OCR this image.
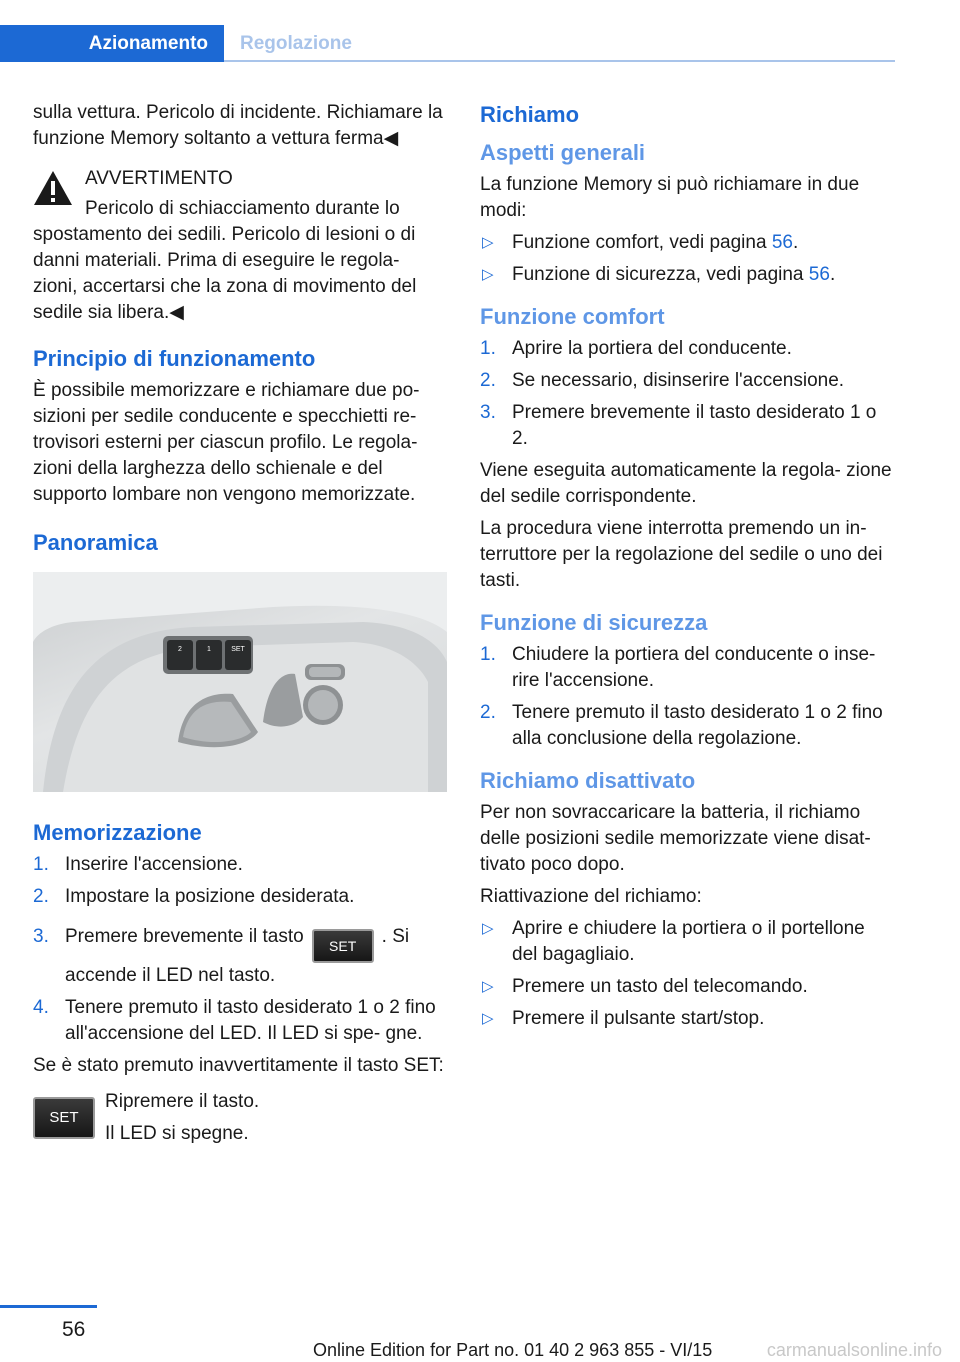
Azionamento	Regolazione

sulla vettura. Pericolo di incidente. Richiamare la funzione Memory soltanto a vettura ferma◀

AVVERTIMENTO

Pericolo di schiacciamento durante lo

spostamento dei sedili. Pericolo di lesioni o di danni materiali. Prima di eseguire le regola- zioni, accertarsi che la zona di movimento del sedile sia libera.◀

Principio di funzionamento

È possibile memorizzare e richiamare due po- sizioni per sedile conducente e specchietti re- trovisori esterni per ciascun profilo. Le regola- zioni della larghezza dello schienale e del supporto lombare non vengono memorizzate.

Panoramica
2	1	SET
Memorizzazione
1. Inserire l'accensione.
2. Impostare la posizione desiderata.
3. Premere brevemente il tasto SET . Si accende il LED nel tasto.
4. Tenere premuto il tasto desiderato 1 o 2 fino all'accensione del LED. Il LED si spe- gne.

Se è stato premuto inavvertitamente il tasto SET:

SET

Ripremere il tasto.

Il LED si spegne.

Richiamo
Aspetti generali

La funzione Memory si può richiamare in due modi:

▷ Funzione comfort, vedi pagina 56.
▷ Funzione di sicurezza, vedi pagina 56.
Funzione comfort
1. Aprire la portiera del conducente.
2. Se necessario, disinserire l'accensione.
3. Premere brevemente il tasto desiderato 1 o 2.

Viene eseguita automaticamente la regola- zione del sedile corrispondente.

La procedura viene interrotta premendo un in- terruttore per la regolazione del sedile o uno dei tasti.

Funzione di sicurezza
1. Chiudere la portiera del conducente o inse- rire l'accensione.
2. Tenere premuto il tasto desiderato 1 o 2 fino alla conclusione della regolazione.
Richiamo disattivato

Per non sovraccaricare la batteria, il richiamo delle posizioni sedile memorizzate viene disat- tivato poco dopo.

Riattivazione del richiamo:

▷ Aprire e chiudere la portiera o il portellone del bagagliaio.
▷ Premere un tasto del telecomando.
▷ Premere il pulsante start/stop.
56
Online Edition for Part no. 01 40 2 963 855 - VI/15	carmanualsonline.info
